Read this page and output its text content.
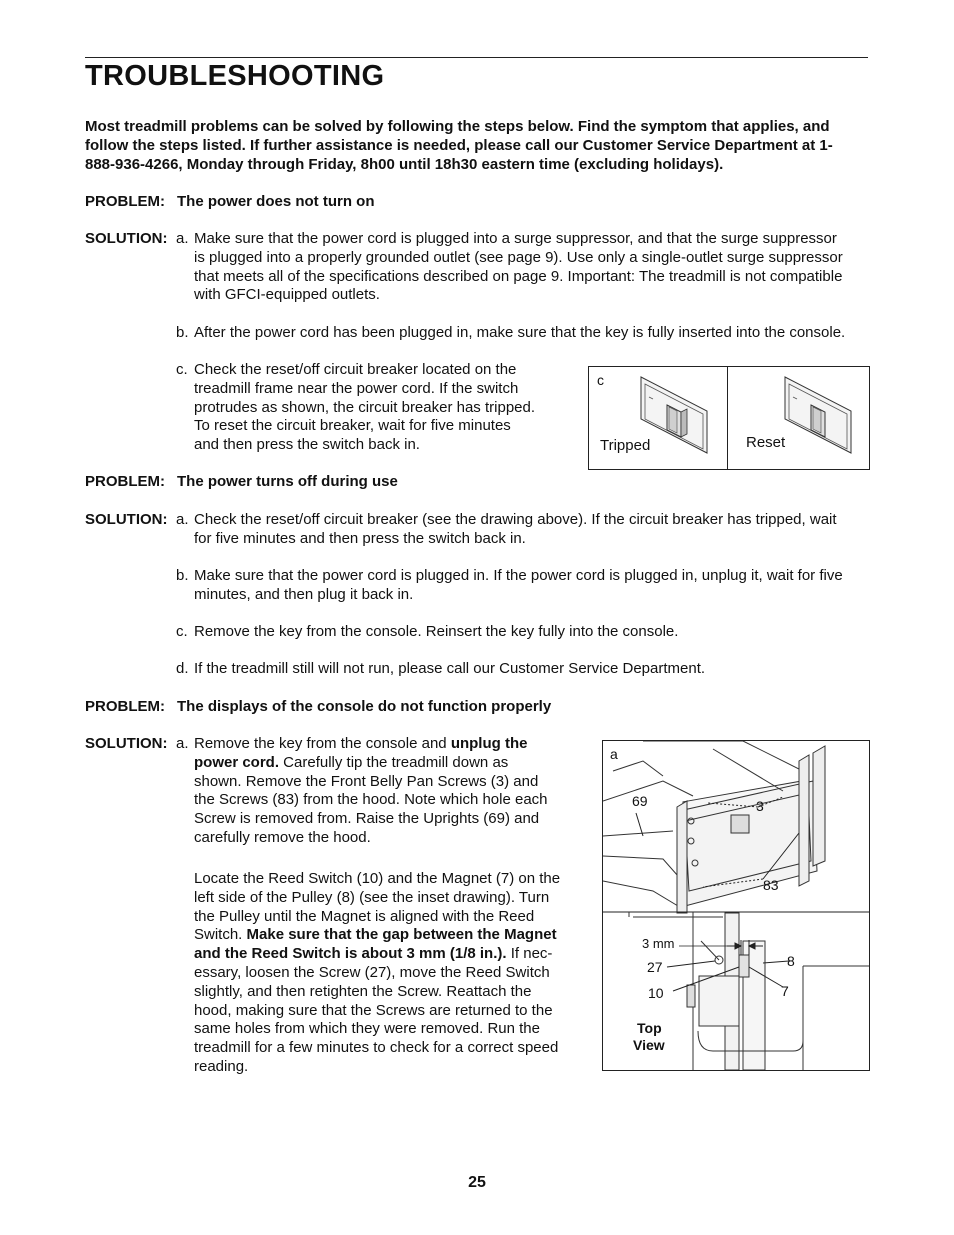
TROUBLESHOOTING
Most treadmill problems can be solved by following the steps below. Find the symptom that applies, and
follow the steps listed. If further assistance is needed, please call our Customer Service Department at 1-
888-936-4266, Monday through Friday, 8h00 until 18h30 eastern time (excluding holidays).
PROBLEM: The power does not turn on
SOLUTION: a. Make sure that the power cord is plugged into a surge suppressor, and that the surge suppressor
is plugged into a properly grounded outlet (see page 9). Use only a single-outlet surge suppressor
that meets all of the specifications described on page 9. Important: The treadmill is not compatible
with GFCI-equipped outlets.
b. After the power cord has been plugged in, make sure that the key is fully inserted into the console.
c. Check the reset/off circuit breaker located on the
treadmill frame near the power cord. If the switch
protrudes as shown, the circuit breaker has tripped.
To reset the circuit breaker, wait for five minutes
and then press the switch back in.
c
Tripped	Reset
PROBLEM: The power turns off during use
SOLUTION: a. Check the reset/off circuit breaker (see the drawing above). If the circuit breaker has tripped, wait
for five minutes and then press the switch back in.
b. Make sure that the power cord is plugged in. If the power cord is plugged in, unplug it, wait for five
minutes, and then plug it back in.
c. Remove the key from the console. Reinsert the key fully into the console.
d. If the treadmill still will not run, please call our Customer Service Department.
PROBLEM: The displays of the console do not function properly
SOLUTION: a. Remove the key from the console and unplug the
power cord. Carefully tip the treadmill down as
shown. Remove the Front Belly Pan Screws (3) and
the Screws (83) from the hood. Note which hole each
Screw is removed from. Raise the Uprights (69) and
carefully remove the hood.
Locate the Reed Switch (10) and the Magnet (7) on the
left side of the Pulley (8) (see the inset drawing). Turn
the Pulley until the Magnet is aligned with the Reed
Switch. Make sure that the gap between the Magnet
and the Reed Switch is about 3 mm (1/8 in.). If nec-
essary, loosen the Screw (27), move the Reed Switch
slightly, and then retighten the Screw. Reattach the
hood, making sure that the Screws are returned to the
same holes from which they were removed. Run the
treadmill for a few minutes to check for a correct speed
reading.
a
69	3
83
3 mm
27
10
8
7
Top
View
25
